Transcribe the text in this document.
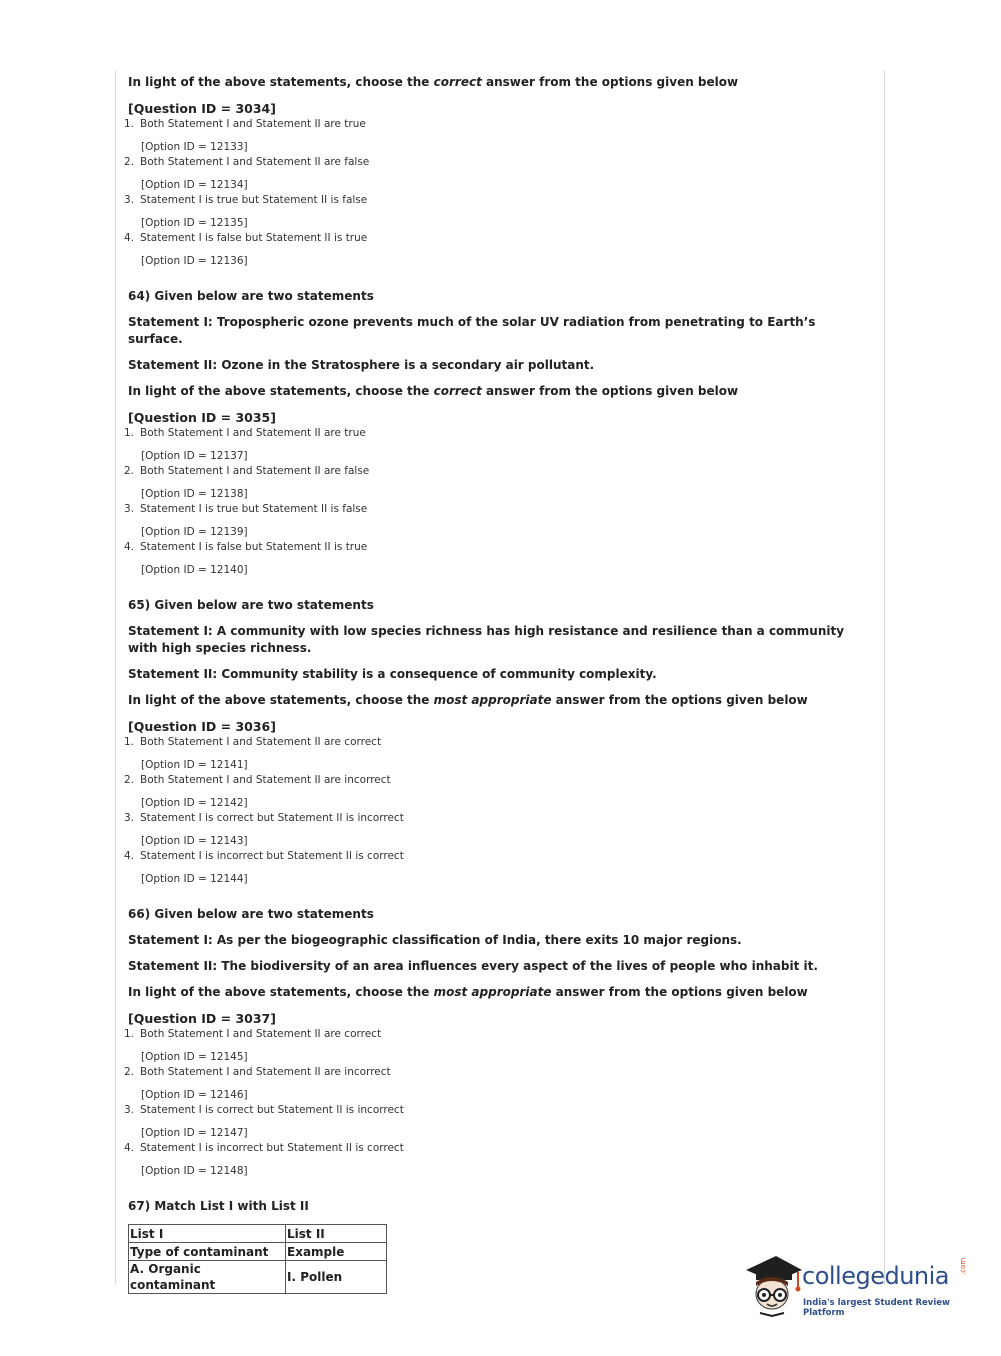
In light of the above statements, choose the correct answer from the options given below

[Question ID = 3034]

1. Both Statement I and Statement II are true
[Option ID = 12133]
2. Both Statement I and Statement II are false
[Option ID = 12134]
3. Statement I is true but Statement II is false
[Option ID = 12135]
4. Statement I is false but Statement II is true
[Option ID = 12136]

64) Given below are two statements

Statement I: Tropospheric ozone prevents much of the solar UV radiation from penetrating to Earth’s surface.

Statement II: Ozone in the Stratosphere is a secondary air pollutant.

In light of the above statements, choose the correct answer from the options given below

[Question ID = 3035]

1. Both Statement I and Statement II are true
[Option ID = 12137]
2. Both Statement I and Statement II are false
[Option ID = 12138]
3. Statement I is true but Statement II is false
[Option ID = 12139]
4. Statement I is false but Statement II is true
[Option ID = 12140]

65) Given below are two statements

Statement I: A community with low species richness has high resistance and resilience than a community with high species richness.

Statement II: Community stability is a consequence of community complexity.

In light of the above statements, choose the most appropriate answer from the options given below

[Question ID = 3036]

1. Both Statement I and Statement II are correct
[Option ID = 12141]
2. Both Statement I and Statement II are incorrect
[Option ID = 12142]
3. Statement I is correct but Statement II is incorrect
[Option ID = 12143]
4. Statement I is incorrect but Statement II is correct
[Option ID = 12144]

66) Given below are two statements

Statement I: As per the biogeographic classification of India, there exits 10 major regions.

Statement II: The biodiversity of an area influences every aspect of the lives of people who inhabit it.

In light of the above statements, choose the most appropriate answer from the options given below

[Question ID = 3037]

1. Both Statement I and Statement II are correct
[Option ID = 12145]
2. Both Statement I and Statement II are incorrect
[Option ID = 12146]
3. Statement I is correct but Statement II is incorrect
[Option ID = 12147]
4. Statement I is incorrect but Statement II is correct
[Option ID = 12148]

67) Match List I with List II

List I	List II
Type of contaminant	Example
A. Organic contaminant	I. Pollen	collegedunia .com
India's largest Student Review Platform
